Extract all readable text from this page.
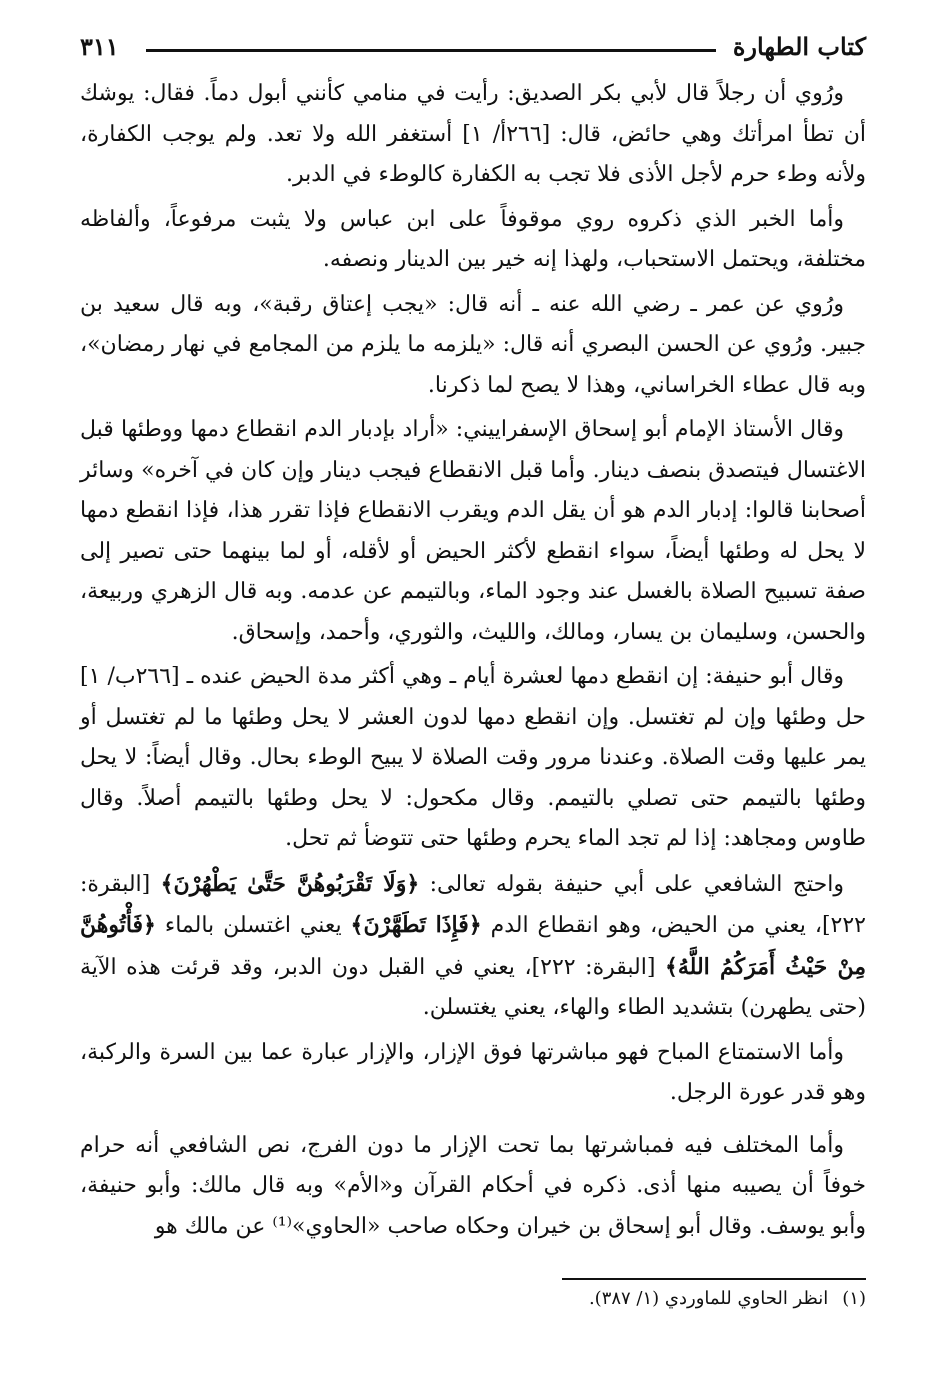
كتاب الطهارة
٣١١

ورُوي أن رجلاً قال لأبي بكر الصديق: رأيت في منامي كأنني أبول دماً. فقال: يوشك أن تطأ امرأتك وهي حائض، قال: [٢٦٦أ/ ١] أستغفر الله ولا تعد. ولم يوجب الكفارة، ولأنه وطء حرم لأجل الأذى فلا تجب به الكفارة كالوطء في الدبر.

وأما الخبر الذي ذكروه روي موقوفاً على ابن عباس ولا يثبت مرفوعاً، وألفاظه مختلفة، ويحتمل الاستحباب، ولهذا إنه خير بين الدينار ونصفه.

ورُوي عن عمر ـ رضي الله عنه ـ أنه قال: «يجب إعتاق رقبة»، وبه قال سعيد بن جبير. ورُوي عن الحسن البصري أنه قال: «يلزمه ما يلزم من المجامع في نهار رمضان»، وبه قال عطاء الخراساني، وهذا لا يصح لما ذكرنا.

وقال الأستاذ الإمام أبو إسحاق الإسفراييني: «أراد بإدبار الدم انقطاع دمها ووطئها قبل الاغتسال فيتصدق بنصف دينار. وأما قبل الانقطاع فيجب دينار وإن كان في آخره» وسائر أصحابنا قالوا: إدبار الدم هو أن يقل الدم ويقرب الانقطاع فإذا تقرر هذا، فإذا انقطع دمها لا يحل له وطئها أيضاً، سواء انقطع لأكثر الحيض أو لأقله، أو لما بينهما حتى تصير إلى صفة تسبيح الصلاة بالغسل عند وجود الماء، وبالتيمم عن عدمه. وبه قال الزهري وربيعة، والحسن، وسليمان بن يسار، ومالك، والليث، والثوري، وأحمد، وإسحاق.

وقال أبو حنيفة: إن انقطع دمها لعشرة أيام ـ وهي أكثر مدة الحيض عنده ـ [٢٦٦ب/ ١] حل وطئها وإن لم تغتسل. وإن انقطع دمها لدون العشر لا يحل وطئها ما لم تغتسل أو يمر عليها وقت الصلاة. وعندنا مرور وقت الصلاة لا يبيح الوطء بحال. وقال أيضاً: لا يحل وطئها بالتيمم حتى تصلي بالتيمم. وقال مكحول: لا يحل وطئها بالتيمم أصلاً. وقال طاوس ومجاهد: إذا لم تجد الماء يحرم وطئها حتى تتوضأ ثم تحل.

واحتج الشافعي على أبي حنيفة بقوله تعالى: ﴿وَلَا تَقْرَبُوهُنَّ حَتَّىٰ يَطْهُرْنَ﴾ [البقرة: ٢٢٢]، يعني من الحيض، وهو انقطاع الدم ﴿فَإِذَا تَطَهَّرْنَ﴾ يعني اغتسلن بالماء ﴿فَأْتُوهُنَّ مِنْ حَيْثُ أَمَرَكُمُ اللَّهُ﴾ [البقرة: ٢٢٢]، يعني في القبل دون الدبر، وقد قرئت هذه الآية (حتى يطهرن) بتشديد الطاء والهاء، يعني يغتسلن.

وأما الاستمتاع المباح فهو مباشرتها فوق الإزار، والإزار عبارة عما بين السرة والركبة، وهو قدر عورة الرجل.

وأما المختلف فيه فمباشرتها بما تحت الإزار ما دون الفرج، نص الشافعي أنه حرام خوفاً أن يصيبه منها أذى. ذكره في أحكام القرآن و«الأم» وبه قال مالك: وأبو حنيفة، وأبو يوسف. وقال أبو إسحاق بن خيران وحكاه صاحب «الحاوي»⁽¹⁾ عن مالك هو

(١)انظر الحاوي للماوردي (١/ ٣٨٧).
